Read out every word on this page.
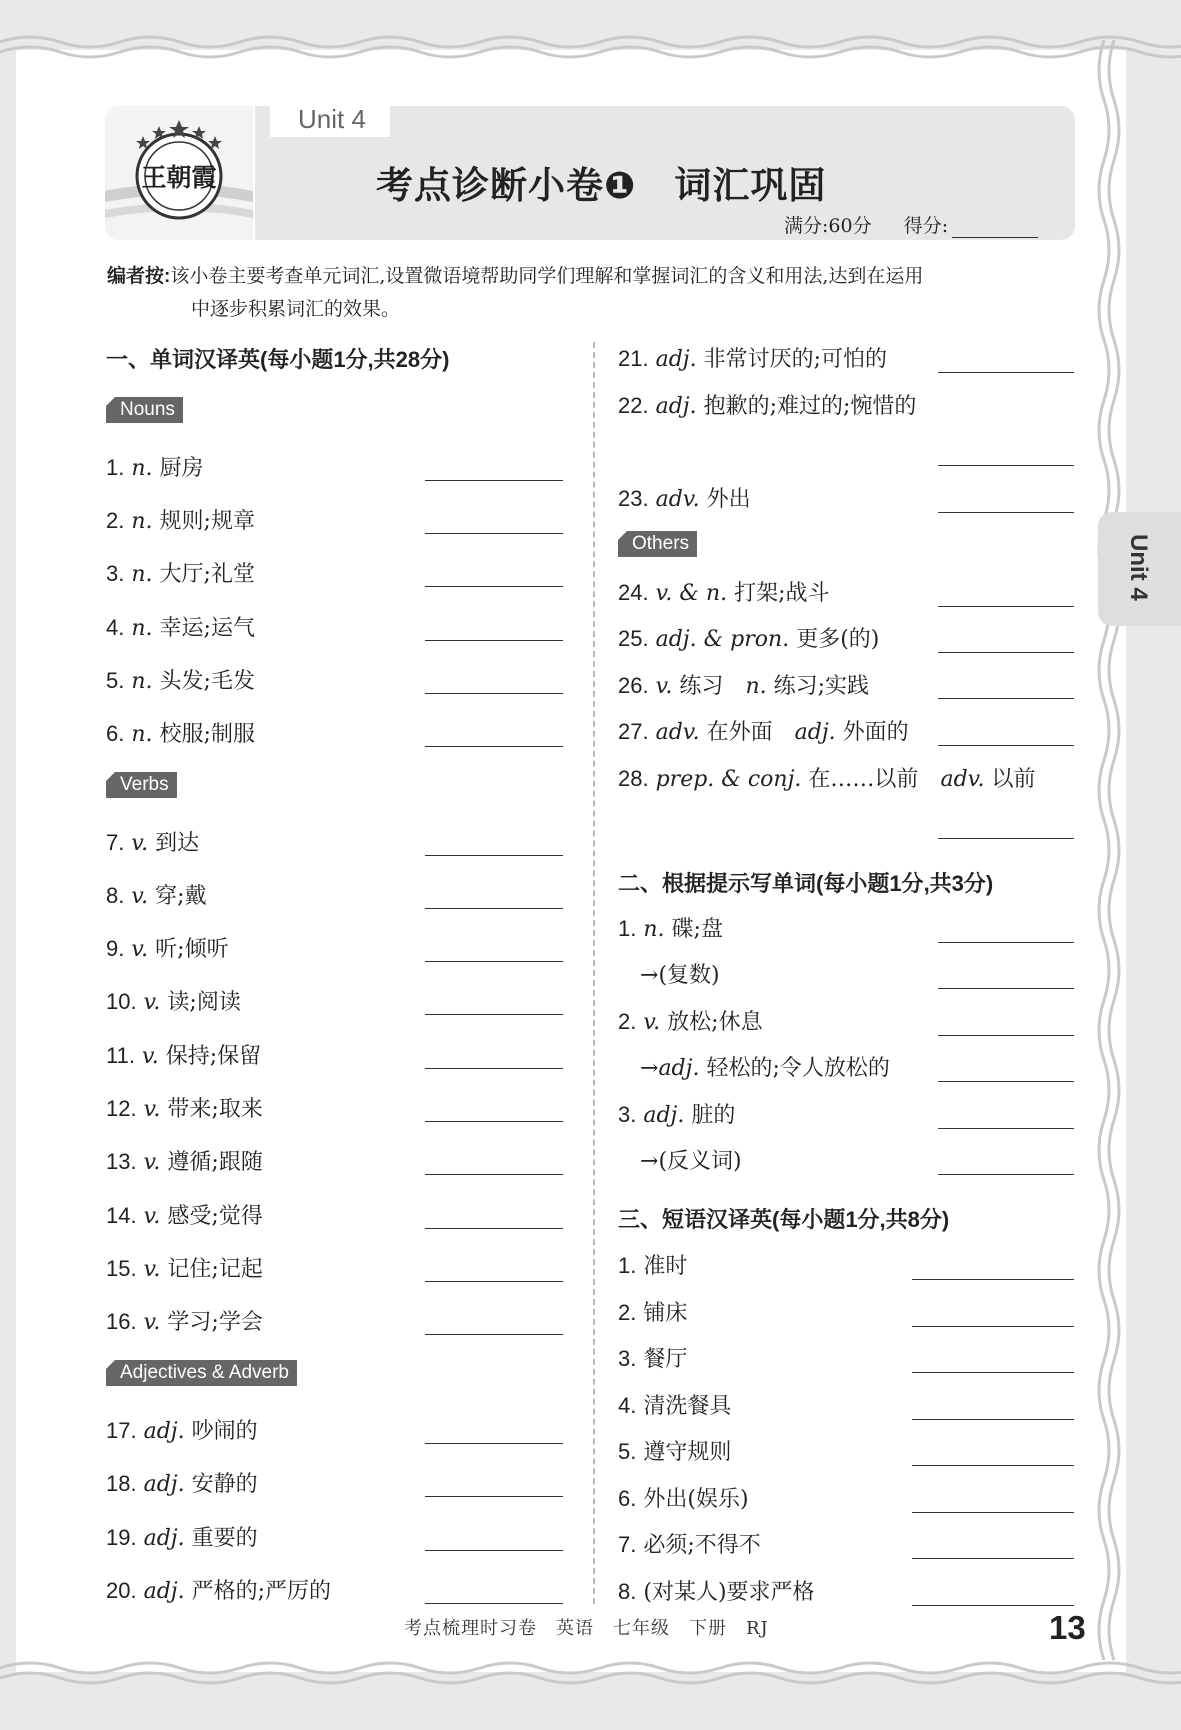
王朝霞
Unit 4
考点诊断小卷❶　词汇巩固
满分:60分 得分:
编者按:该小卷主要考查单元词汇,设置微语境帮助同学们理解和掌握词汇的含义和用法,达到在运用
中逐步积累词汇的效果。
Unit 4
一、单词汉译英(每小题1分,共28分)
Nouns
Verbs
Adjectives & Adverb
Others
1. n. 厨房
2. n. 规则;规章
3. n. 大厅;礼堂
4. n. 幸运;运气
5. n. 头发;毛发
6. n. 校服;制服
7. v. 到达
8. v. 穿;戴
9. v. 听;倾听
10. v. 读;阅读
11. v. 保持;保留
12. v. 带来;取来
13. v. 遵循;跟随
14. v. 感受;觉得
15. v. 记住;记起
16. v. 学习;学会
17. adj. 吵闹的
18. adj. 安静的
19. adj. 重要的
20. adj. 严格的;严厉的
21. adj. 非常讨厌的;可怕的
22. adj. 抱歉的;难过的;惋惜的
23. adv. 外出
24. v. & n. 打架;战斗
25. adj. & pron. 更多(的)
26. v. 练习　 n. 练习;实践
27. adv. 在外面　 adj. 外面的
28. prep. & conj. 在……以前　 adv. 以前
二、根据提示写单词(每小题1分,共3分)
1. n. 碟;盘
→(复数)
2. v. 放松;休息
→adj. 轻松的;令人放松的
3. adj. 脏的
→(反义词)
三、短语汉译英(每小题1分,共8分)
1. 准时
2. 铺床
3. 餐厅
4. 清洗餐具
5. 遵守规则
6. 外出(娱乐)
7. 必须;不得不
8. (对某人)要求严格
考点梳理时习卷　英语　七年级　下册　RJ	13
